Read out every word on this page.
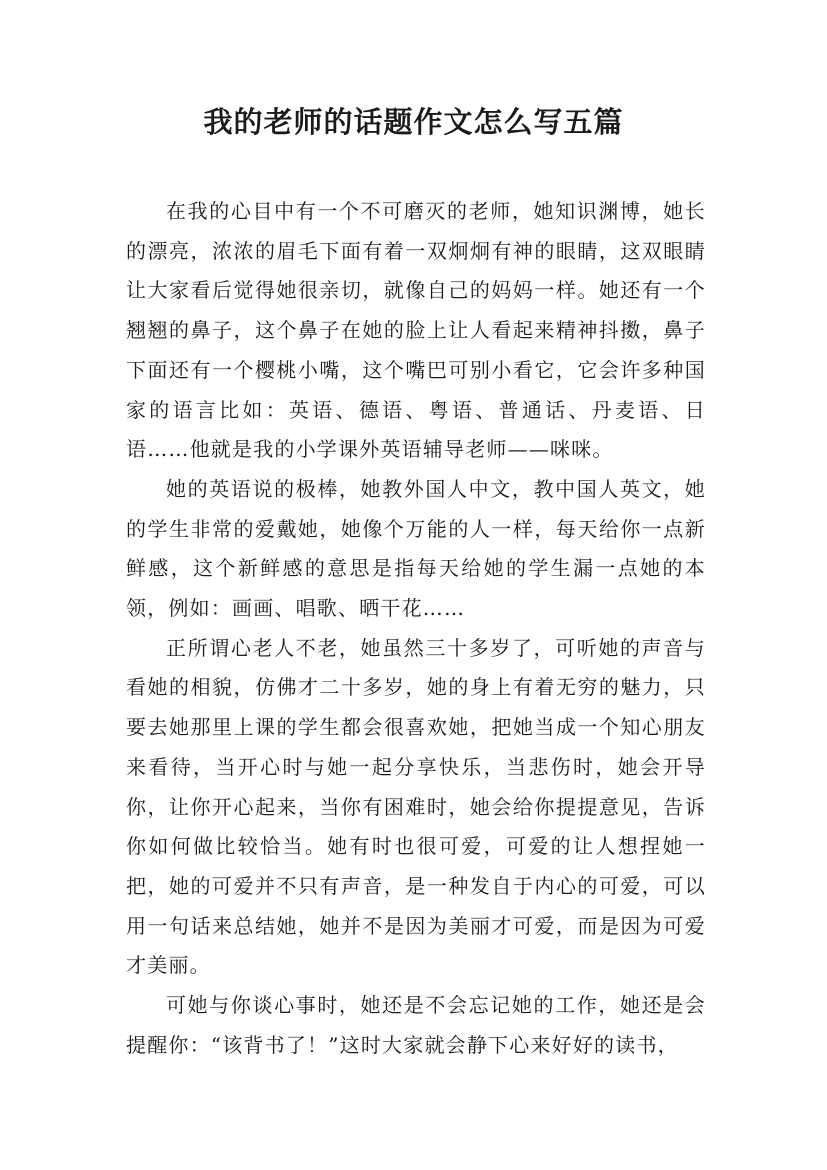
我的老师的话题作文怎么写五篇

在我的心目中有一个不可磨灭的老师，她知识渊博，她长的漂亮，浓浓的眉毛下面有着一双炯炯有神的眼睛，这双眼睛让大家看后觉得她很亲切，就像自己的妈妈一样。她还有一个翘翘的鼻子，这个鼻子在她的脸上让人看起来精神抖擞，鼻子下面还有一个樱桃小嘴，这个嘴巴可别小看它，它会许多种国家的语言比如：英语、德语、粤语、普通话、丹麦语、日语……他就是我的小学课外英语辅导老师——咪咪。

她的英语说的极棒，她教外国人中文，教中国人英文，她的学生非常的爱戴她，她像个万能的人一样，每天给你一点新鲜感，这个新鲜感的意思是指每天给她的学生漏一点她的本领，例如：画画、唱歌、晒干花……

正所谓心老人不老，她虽然三十多岁了，可听她的声音与看她的相貌，仿佛才二十多岁，她的身上有着无穷的魅力，只要去她那里上课的学生都会很喜欢她，把她当成一个知心朋友来看待，当开心时与她一起分享快乐，当悲伤时，她会开导你，让你开心起来，当你有困难时，她会给你提提意见，告诉你如何做比较恰当。她有时也很可爱，可爱的让人想捏她一把，她的可爱并不只有声音，是一种发自于内心的可爱，可以用一句话来总结她，她并不是因为美丽才可爱，而是因为可爱才美丽。

可她与你谈心事时，她还是不会忘记她的工作，她还是会提醒你：“该背书了！”这时大家就会静下心来好好的读书，
